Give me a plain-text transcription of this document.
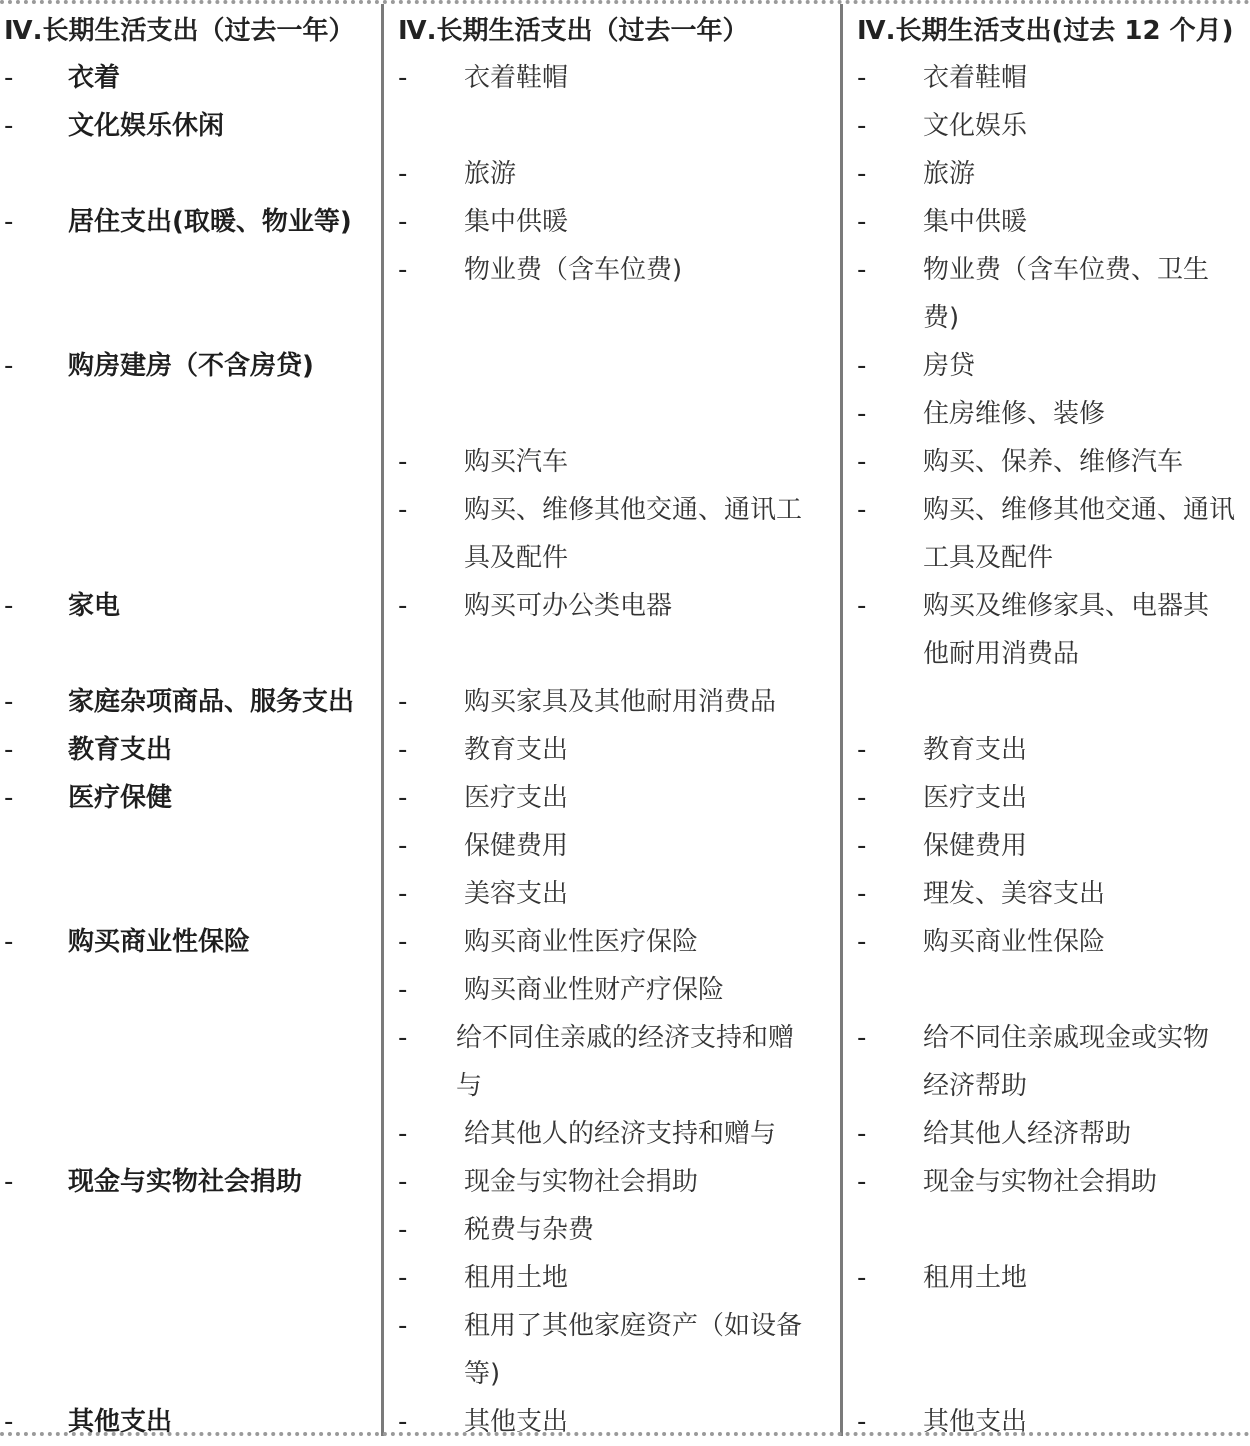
Ⅳ.长期生活支出（过去一年）
- 衣着
- 文化娱乐休闲
- 居住支出(取暖、物业等)
- 购房建房（不含房贷)
- 家电
- 家庭杂项商品、服务支出
- 教育支出
- 医疗保健
- 购买商业性保险
- 现金与实物社会捐助
- 其他支出
Ⅳ.长期生活支出（过去一年）
- 衣着鞋帽
- 旅游
- 集中供暖
- 物业费（含车位费)
- 购买汽车
- 购买、维修其他交通、通讯工
具及配件
- 购买可办公类电器
- 购买家具及其他耐用消费品
- 教育支出
- 医疗支出
- 保健费用
- 美容支出
- 购买商业性医疗保险
- 购买商业性财产疗保险
- 给不同住亲戚的经济支持和赠
与
- 给其他人的经济支持和赠与
- 现金与实物社会捐助
- 税费与杂费
- 租用土地
- 租用了其他家庭资产（如设备
等)
- 其他支出
Ⅳ.长期生活支出(过去 12 个月)
- 衣着鞋帽
- 文化娱乐
- 旅游
- 集中供暖
- 物业费（含车位费、卫生
费)
- 房贷
- 住房维修、装修
- 购买、保养、维修汽车
- 购买、维修其他交通、通讯
工具及配件
- 购买及维修家具、电器其
他耐用消费品
- 教育支出
- 医疗支出
- 保健费用
- 理发、美容支出
- 购买商业性保险
- 给不同住亲戚现金或实物
经济帮助
- 给其他人经济帮助
- 现金与实物社会捐助
- 租用土地
- 其他支出
